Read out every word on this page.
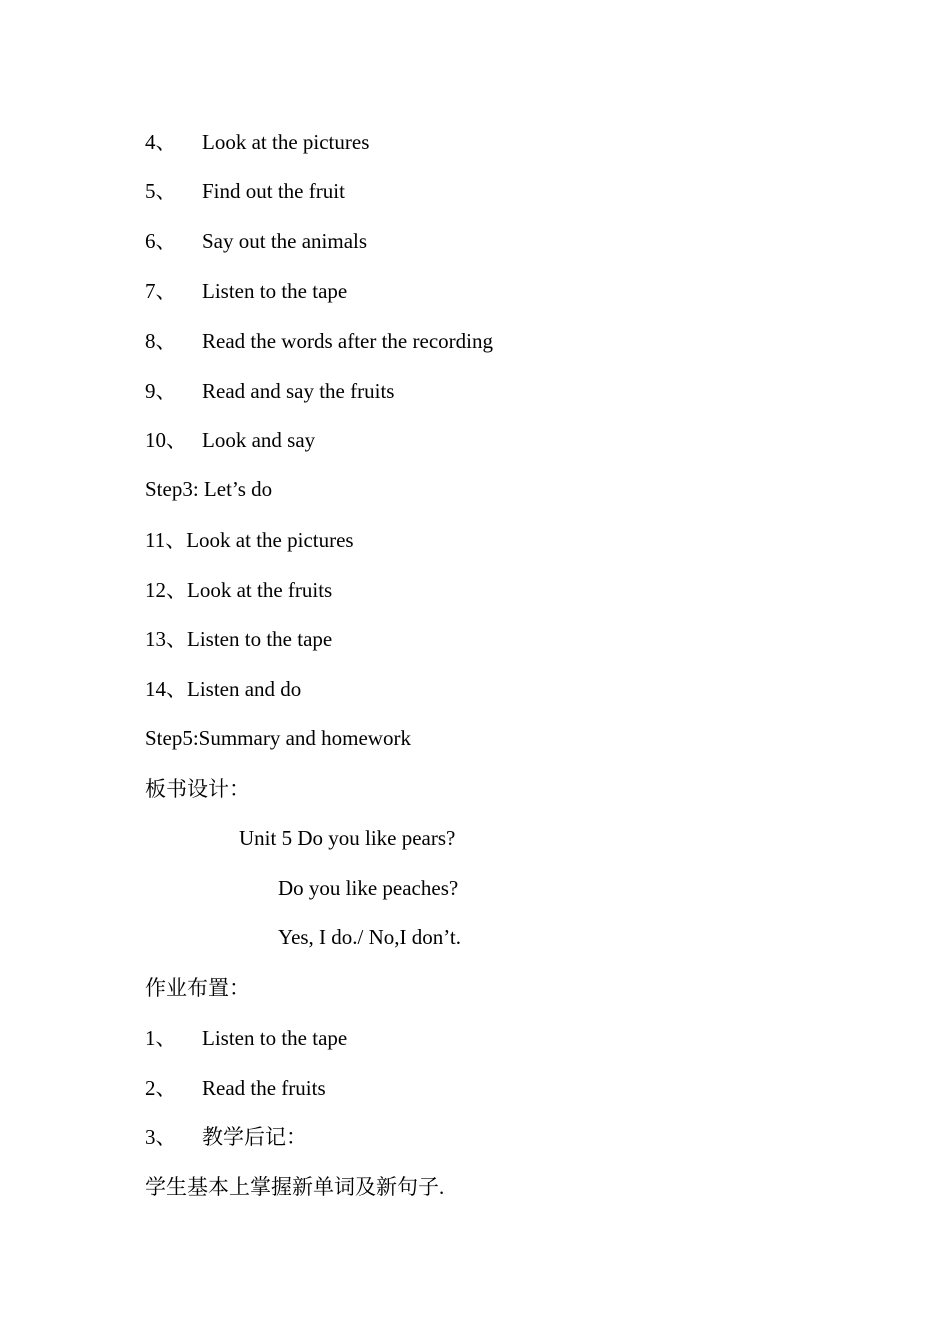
4、 Look at the pictures
5、 Find out the fruit
6、 Say out the animals
7、 Listen to the tape
8、 Read the words after the recording
9、 Read and say the fruits
10、 Look and say
Step3: Let’s do
11、Look at the pictures
12、Look at the fruits
13、Listen to the tape
14、Listen and do
Step5:Summary and homework
板书设计：
Unit 5 Do you like pears?
Do you like peaches?
Yes, I do./ No,I don’t.
作业布置：
1、 Listen to the tape
2、 Read the fruits
3、 教学后记：
学生基本上掌握新单词及新句子.
